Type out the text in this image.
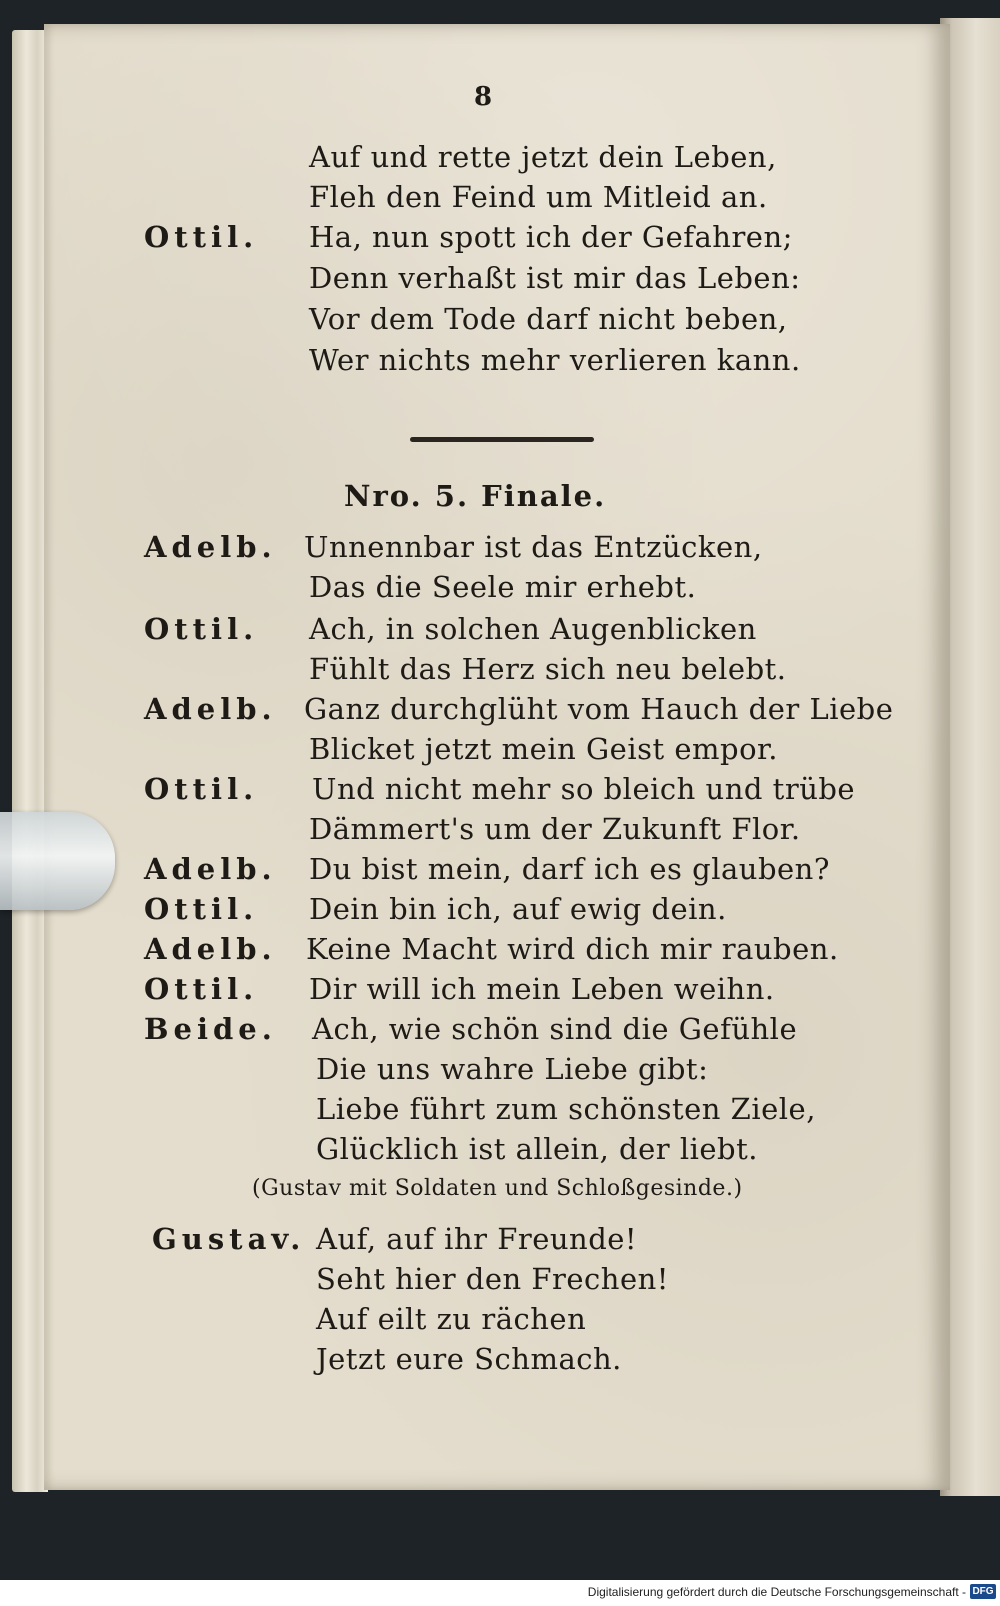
8
Auf und rette jetzt dein Leben,
Fleh den Feind um Mitleid an.
Ottil. Ha, nun spott ich der Gefahren;
Denn verhaßt ist mir das Leben:
Vor dem Tode darf nicht beben,
Wer nichts mehr verlieren kann.
Nro. 5. Finale.
Adelb. Unnennbar ist das Entzücken,
Das die Seele mir erhebt.
Ottil. Ach, in solchen Augenblicken
Fühlt das Herz sich neu belebt.
Adelb. Ganz durchglüht vom Hauch der Liebe
Blicket jetzt mein Geist empor.
Ottil. Und nicht mehr so bleich und trübe
Dämmert's um der Zukunft Flor.
Adelb. Du bist mein, darf ich es glauben?
Ottil. Dein bin ich, auf ewig dein.
Adelb. Keine Macht wird dich mir rauben.
Ottil. Dir will ich mein Leben weihn.
Beide. Ach, wie schön sind die Gefühle
Die uns wahre Liebe gibt:
Liebe führt zum schönsten Ziele,
Glücklich ist allein, der liebt.
(Gustav mit Soldaten und Schloßgesinde.)
Gustav. Auf, auf ihr Freunde!
Seht hier den Frechen!
Auf eilt zu rächen
Jetzt eure Schmach.
Digitalisierung gefördert durch die Deutsche Forschungsgemeinschaft - DFG
